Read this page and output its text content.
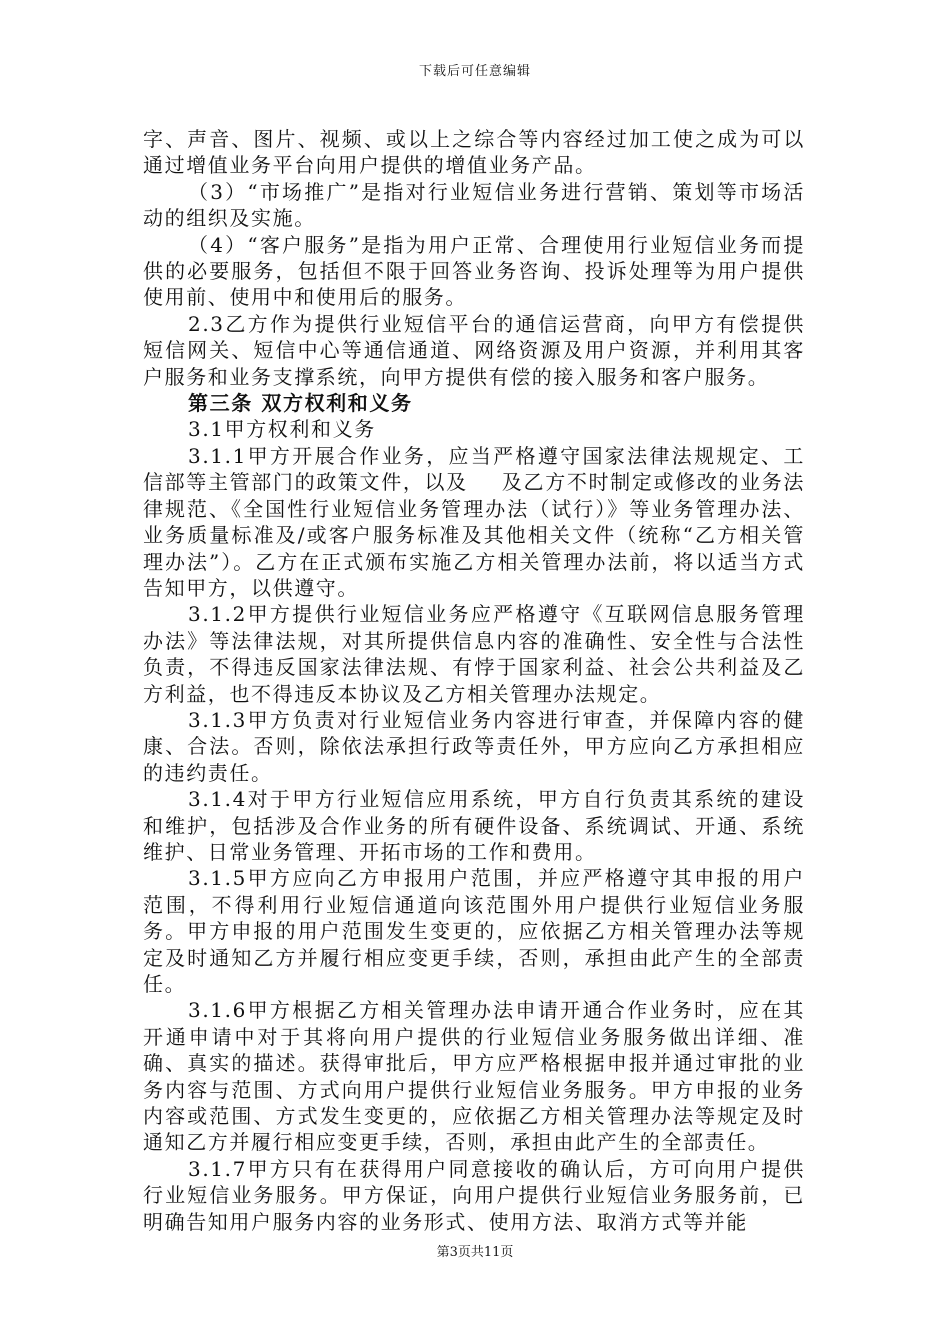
下载后可任意编辑

字、声音、图片、视频、或以上之综合等内容经过加工使之成为可以通过增值业务平台向用户提供的增值业务产品。

（3）“市场推广”是指对行业短信业务进行营销、策划等市场活动的组织及实施。

（4）“客户服务”是指为用户正常、合理使用行业短信业务而提供的必要服务，包括但不限于回答业务咨询、投诉处理等为用户提供使用前、使用中和使用后的服务。

2.3乙方作为提供行业短信平台的通信运营商，向甲方有偿提供短信网关、短信中心等通信通道、网络资源及用户资源，并利用其客户服务和业务支撑系统，向甲方提供有偿的接入服务和客户服务。

第三条 双方权利和义务

3.1甲方权利和义务

3.1.1甲方开展合作业务，应当严格遵守国家法律法规规定、工信部等主管部门的政策文件，以及 及乙方不时制定或修改的业务法律规范、《全国性行业短信业务管理办法（试行）》等业务管理办法、业务质量标准及/或客户服务标准及其他相关文件（统称“乙方相关管理办法”）。乙方在正式颁布实施乙方相关管理办法前，将以适当方式告知甲方，以供遵守。

3.1.2甲方提供行业短信业务应严格遵守《互联网信息服务管理办法》等法律法规，对其所提供信息内容的准确性、安全性与合法性负责，不得违反国家法律法规、有悖于国家利益、社会公共利益及乙方利益，也不得违反本协议及乙方相关管理办法规定。

3.1.3甲方负责对行业短信业务内容进行审查，并保障内容的健康、合法。否则，除依法承担行政等责任外，甲方应向乙方承担相应的违约责任。

3.1.4对于甲方行业短信应用系统，甲方自行负责其系统的建设和维护，包括涉及合作业务的所有硬件设备、系统调试、开通、系统维护、日常业务管理、开拓市场的工作和费用。

3.1.5甲方应向乙方申报用户范围，并应严格遵守其申报的用户范围，不得利用行业短信通道向该范围外用户提供行业短信业务服务。甲方申报的用户范围发生变更的，应依据乙方相关管理办法等规定及时通知乙方并履行相应变更手续，否则，承担由此产生的全部责任。

3.1.6甲方根据乙方相关管理办法申请开通合作业务时，应在其开通申请中对于其将向用户提供的行业短信业务服务做出详细、准确、真实的描述。获得审批后，甲方应严格根据申报并通过审批的业务内容与范围、方式向用户提供行业短信业务服务。甲方申报的业务内容或范围、方式发生变更的，应依据乙方相关管理办法等规定及时通知乙方并履行相应变更手续，否则，承担由此产生的全部责任。

3.1.7甲方只有在获得用户同意接收的确认后，方可向用户提供行业短信业务服务。甲方保证，向用户提供行业短信业务服务前，已明确告知用户服务内容的业务形式、使用方法、取消方式等并能

第3页共11页
